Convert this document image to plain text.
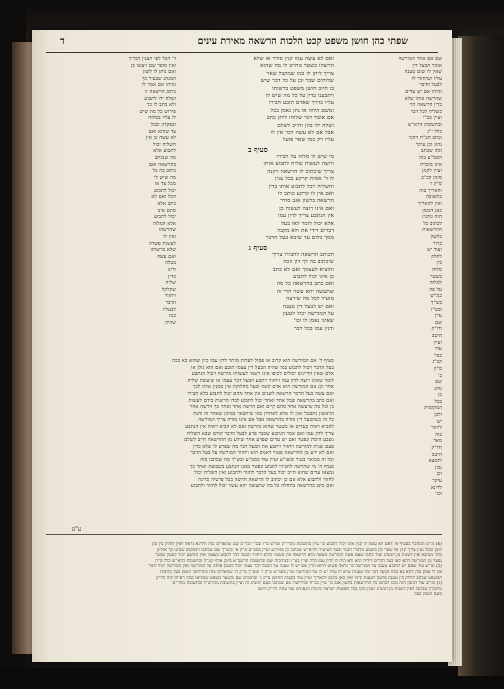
ד	שפתי כהן חושן משפט קכט הלכות הרשאה מאירת עינים
שם אם אחר המורשה
אומר הבעל דין
שאין לו שום טענה
עליו ושיחזור לו
לבעל הדבר
ומיהו אם יש עדים
שהרשה אותו שלא
כדין הרשאה הוי
כשליח לכל דבר
ועיין בב"י
ובתשובת הרא"ש
כלל י"ג
וכתב הב"ח דהכי
נהוג וכן עיקר
ומה שכתב
הסמ"ע בזה
אינו מוכרח
ועיין לקמן
סימן קכ"ב
ס"ק ו'
והאריך בזה
בתשובה
ואין להאריך
כאן דבזמן
הזה נוהגין
לכתוב כל
ההרשאות
בלשון
ברור
ועוד יש
לחלק
בין
מלוה
בשטר
למלוה
על פה
כמ"ש
בש"ך
ובט"ז
עיין
שם
ודו"ק
היטב
ועיין
עוד
בסי'
קכ"ג
ס"ק
ב'
שם
נוהג
כן
בכל
המקומות
ולכן
יש
ליזהר
בזה
מאד
ודו"ק
היטב
ותמצא
נכון
וכן
עיקר
לדינא
וכו'
ואם לא עשה עמו קנין סודר או שלא
הרשהו בשטר מחייב לו מה שהוא
צריך ליתן לו כמו שמקבל שאר
שלוחים שכר וכן על כל דבר שיש
בו חיוב חושן משפט ברשותו
ויתבענו בדין על כל מה שיש לו
עליו כדרך שאדם תובע חבירו
ומשם הלוה או נתן נאמן בכל
אם אומר דמי שלוחו ליתן כתב
ושלח ידו בהן וחייב לשלם
אבל אם לא עשה דבר אין לו
עליו רק כמו שאר פועל
סעיף ב
מי שיש לו מלוה על חבירו
ורוצה לעשות שליח לתבוע אותו
צריך שיכתוב לו הרשאה ויקנה
לו ד' אמות קרקע בכל ענין
והשליח יוכל לתבוע אותו בדין
ואם אין לו קרקע כותב לו
הרשאה בלשון אגב סודר
ואם אינו רוצה לעשות כן
אין הנתבע צריך לדון עמו
אלא יכול לומר לאו בעל
דברים דידי את ולא מקבל
ממך כלום עד שיבא בעל הדבר
סעיף ג
הכותב הרשאה לחבירו צריך
שיכתוב בה לך דון וזכה
והוציא לעצמך ואם לא כתב
כן אינו יכול לתבוע
ואם כתב בהרשאה כל מה
שתעשה יהא עשוי הרי זה
מועיל לכל מה שירצה
ואם יש לבעל דין טענה
על המורשה יכול לטעון
שאינו נאמן לו וכו'
ודנין עמו בכל דבר
ד' הכל לפי הענין דבריך
ואין סופר שם ויעשו כן
ואם נותן לו לשון
המנהג שבעיר כך
ומיהו אם אמר לו
כתוב הרשאה זו
ושלח ידו לתבוע
ולא כתב לו כך
פירוש כל מה שיש
לו עליו במלוה
ובפקדון ובכל
צד שהוא ואם
לא עשה כן אין
השליח יכול
לתבוע אלא
מה שנכתב
בהרשאה ואם
כתוב בה כל
מה שיש לי
מכל צד אז
יכול לתבוע
הכל ואם לא
כתב אלא
סתם אינו
יכול לתבוע
אלא המלוה
שהרשהו
ואין לו
לעשות פשרה
שלא ברשותו
ואם עשה
בטלה
ודינו
כדין
שליח
שקלקל
ויחזור
הדבר
לבעליו
כמו
שהיה
סעיף ד' אם המורשה הוא קרוב או פסול לעדות מותר לדון עמו כיון שהוא בא בכח
בעל הדבר ויכול לתבוע כמו שהיה הבעל דין עצמו תובע ואם הוא גזלן או
אלם שאין הדיינים יכולים לכופו אינו רשאי לעשותו מורשה ויכול הנתבע
לומר שאינו רוצה לדון עמו ויחזור ויתבע הבעל דבר עצמו או שיעשה שליח
אחר וכן אם המורשה הוא אדם קשה ובעל מחלוקת אין ממנין אותו לכך
ואם עשה בעל הדבר הרשאה לשנים אין אחד מהם יכול לתבוע בלא חבירו
ואם כתב בהרשאה שכל אחד ואחד יכול לתבוע לבדו הרשות בידם לעשות
כן וכל מה שיעשה אחד מהם קיים ואם הרשה אחד ואחר כך הרשה אחר
הראשון נתבטל ואין לו אלא לאחרון כמו שיתבאר בסימן שאחר זה והנה
כל זה כשהבעל דין מודה בהרשאה אבל אם אינו מודה צריך המורשה
להביא ראיה בעדים או בשטר שהוא מורשה ואם לא הביא ראיה אין הנתבע
צריך לדון עמו ואם אמר הנתבע שכבר פרע לבעל הדבר קודם שבא השליח
נשבע היסת ונפטר ואם יש עדים שפרע אחר שידע מן ההרשאה חייב לשלם
פעם שנית למורשה ויחזור ויתבע את הבעל דבר מה שפרע לו שלא כדין
ואם לא ידע מן ההרשאה פטור דאנוס הוא ויחזור המורשה על בעל הדבר
וכל זה מבואר בטור ובשו"ע ועיין עוד בסמ"ע ובש"ך מה שכתבו בזה
סעיף ה' מי שהרשה לחבירו לתבוע ונפטר ממנו הנתבע בשבועה ואחר כך
נמצאו עדים שהוא חייב יכול בעל הדבר לחזור ולתבוע ואין השליח יכול
לחזור ולתבוע אלא אם כן יכתוב לו הרשאה חדשה בכל פרטיה כדינה
ואם כתב בהרשאה בתחלה כל מה שתעשה יהא עשוי יכול לחזור ולתבוע
ע"פ
(א) מ"ש המחבר בסעיף א' דאם לא עשה לו קנין אינו יכול לתבוע כו' עיין בתשובת מהרי"ק שורש ס"ו ובב"י ובד"מ שם שהאריכו בזה ולדינא נראה דאין לחלק בין זמן
לזמן ובכל ענין צריך קנין או שטר וכן משמע מדברי הטור ובעל העיטור והרא"ש שכתבו כן בפירוש ועיין בסמ"ע ס"ק א' ובש"ך שם שכתבו דבמקום שנהגו כך אזלינן
בתר מנהגא ואין לשנות מן המנהג ועוד כתבו שאם עשה המורשה מעשה בלא הרשאה אין מעשיו כלום ויחזור הבעל דבר לתבוע בעצמו ואין הנתבע יכול לטעון שכבר
נפטר מן המורשה דהא לאו בעל דברים דידיה הוא ולא היה לו לדון עמו כלל ועיין בט"ז ובנתיבות שם ובתשובת הרשב"א סימן אלף קמ"ה ובתשובת הרא"ש כלל ס"ה
(ב) ומ"ש עוד שאם יש לנתבע טענה על המורשה כו' נראה פשוט דהוא הדין אם יש לו טענה על הבעל דבר עצמו יכול לטעון אותה על המורשה ואין המורשה יכול לומר
אין לי עסק בזה דהא בא בכח הבעל דבר וכל טענות שיש לו עליו יש לו על המורשה ועיין בסמ"ע ס"ק ז' ובש"ך ס"ק ה' שהאריכו בזה ובחידושי הגאון בעל נתיבות
המשפט שכתב לחלק בין טענת פרעון לטענת קיזוז ואין כאן מקום להאריך ועיין עוד בקצות החושן ס"ק ג' ובתומים שם ובשער משפט שהביאו כמה ראיות לזה ודו"ק
(ג) ומ"ש עוד דבזמן הזה נהגו לכתוב כל ההרשאות בלשון אגב כו' עיין בב"ח ובדרישה שם שכתבו טעם למנהג זה ועיין בתשובת מהרש"ל ובתשובת מהר"ם
מלובלין שכתבו דאין לשנות מן המנהג ושכן נהגו בכל תפוצות ישראל מימות הגאונים ועד עתה ודו"ק היטב
בשם הגאון בעל
